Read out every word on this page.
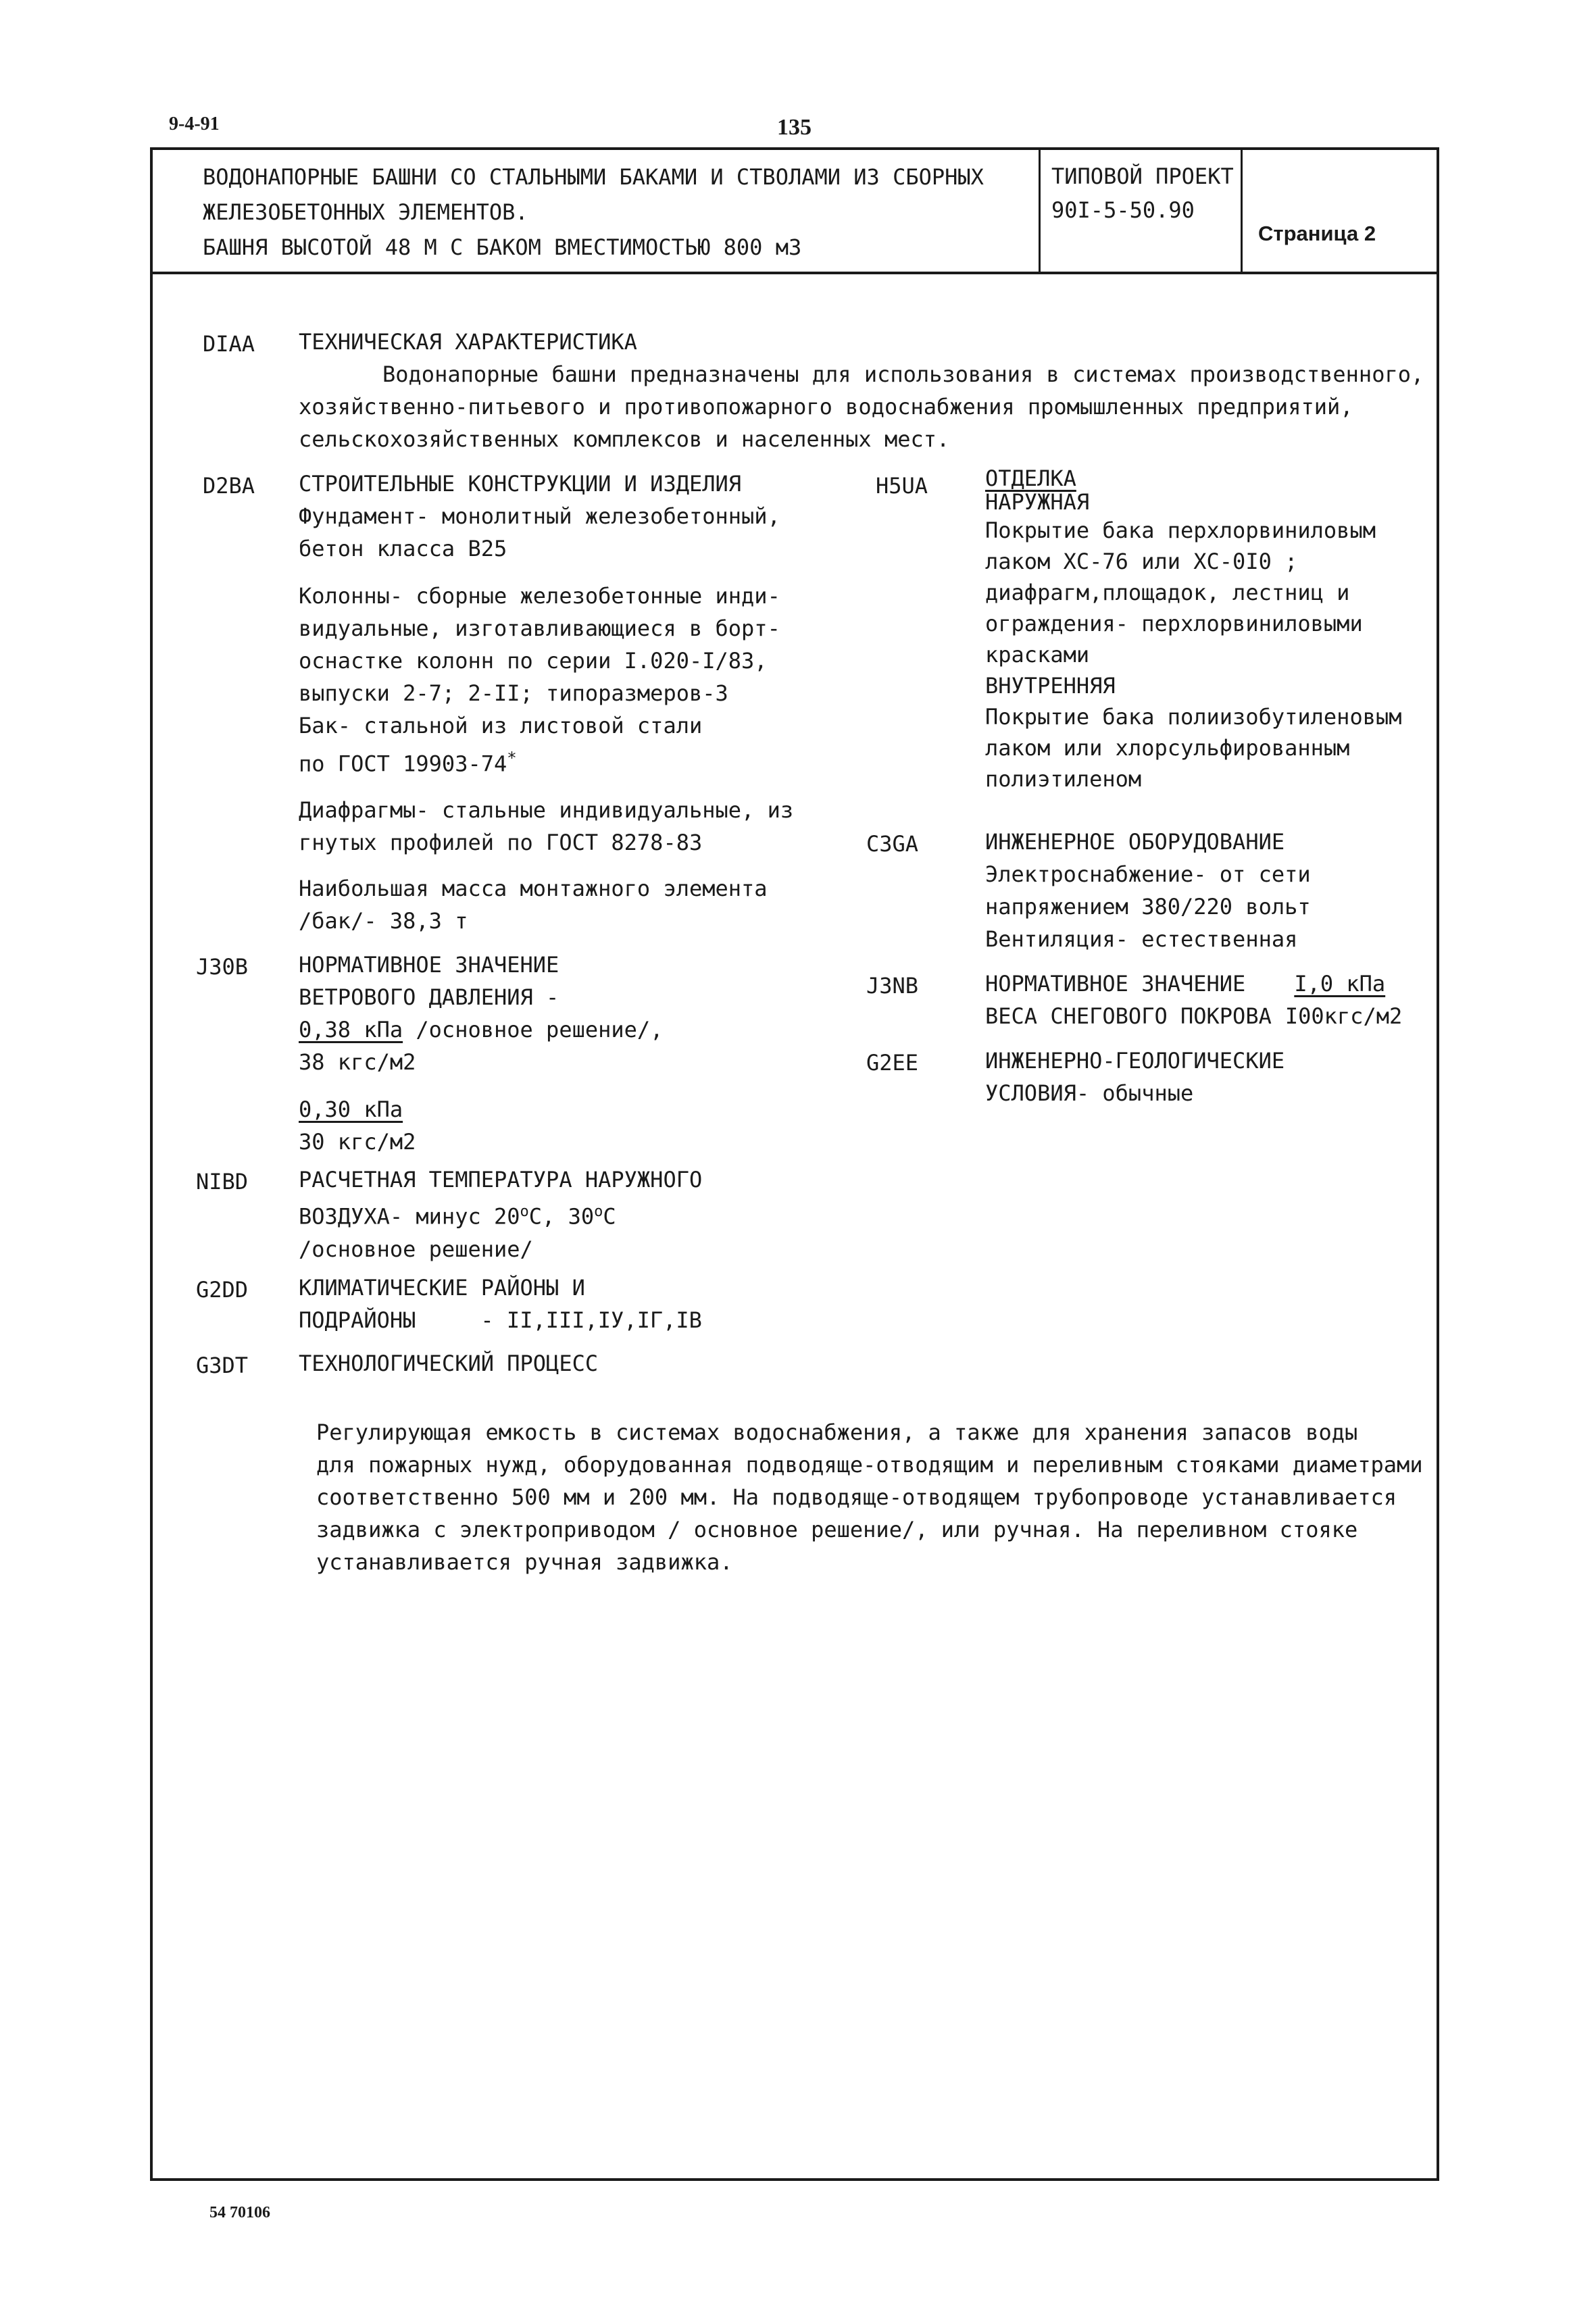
9-4-91	135
ВОДОНАПОРНЫЕ БАШНИ СО СТАЛЬНЫМИ БАКАМИ И СТВОЛАМИ ИЗ СБОРНЫХ
ЖЕЛЕЗОБЕТОННЫХ ЭЛЕМЕНТОВ.
БАШНЯ ВЫСОТОЙ 48 М С БАКОМ ВМЕСТИМОСТЬЮ 800 м3
ТИПОВОЙ ПРОЕКТ
90I-5-50.90
Страница 2
DIAA ТЕХНИЧЕСКАЯ ХАРАКТЕРИСТИКА
Водонапорные башни предназначены для использования в системах производственного,
хозяйственно-питьевого и противопожарного водоснабжения промышленных предприятий,
сельскохозяйственных комплексов и населенных мест.
D2BA СТРОИТЕЛЬНЫЕ КОНСТРУКЦИИ И ИЗДЕЛИЯ
Фундамент- монолитный железобетонный,
бетон класса В25
Колонны- сборные железобетонные инди-
видуальные, изготавливающиеся в борт-
оснастке колонн по серии I.020-I/83,
выпуски 2-7; 2-II; типоразмеров-3
Бак- стальной из листовой стали
по ГОСТ 19903-74*
Диафрагмы- стальные индивидуальные, из
гнутых профилей по ГОСТ 8278-83
Наибольшая масса монтажного элемента
/бак/- 38,3 т
J30B НОРМАТИВНОЕ ЗНАЧЕНИЕ
ВЕТРОВОГО ДАВЛЕНИЯ -
0,38 кПа /основное решение/,
38 кгс/м2
0,30 кПа
30 кгс/м2
NIBD РАСЧЕТНАЯ ТЕМПЕРАТУРА НАРУЖНОГО
ВОЗДУХА- минус $20^оС$, $30^оС$
/основное решение/
G2DD КЛИМАТИЧЕСКИЕ РАЙОНЫ И
ПОДРАЙОНЫ	- II,III,IУ,IГ,IВ
G3DT ТЕХНОЛОГИЧЕСКИЙ ПРОЦЕСС
Регулирующая емкость в системах водоснабжения, а также для хранения запасов воды
для пожарных нужд, оборудованная подводяще-отводящим и переливным стояками диаметрами
соответственно 500 мм и 200 мм. На подводяще-отводящем трубопроводе устанавливается
задвижка с электроприводом / основное решение/, или ручная. На переливном стояке
устанавливается ручная задвижка.
H5UA	ОТДЕЛКА
НАРУЖНАЯ
Покрытие бака перхлорвиниловым
лаком ХС-76 или ХС-0I0 ;
диафрагм,площадок, лестниц и
ограждения- перхлорвиниловыми
красками
ВНУТРЕННЯЯ
Покрытие бака полиизобутиленовым
лаком или хлорсульфированным
полиэтиленом
C3GA	ИНЖЕНЕРНОЕ ОБОРУДОВАНИЕ
Электроснабжение- от сети
напряжением 380/220 вольт
Вентиляция- естественная
J3NB	НОРМАТИВНОЕ ЗНАЧЕНИЕ I,0 кПа
ВЕСА СНЕГОВОГО ПОКРОВА I00кгс/м2
G2EE	ИНЖЕНЕРНО-ГЕОЛОГИЧЕСКИЕ
УСЛОВИЯ- обычные
54 70106
